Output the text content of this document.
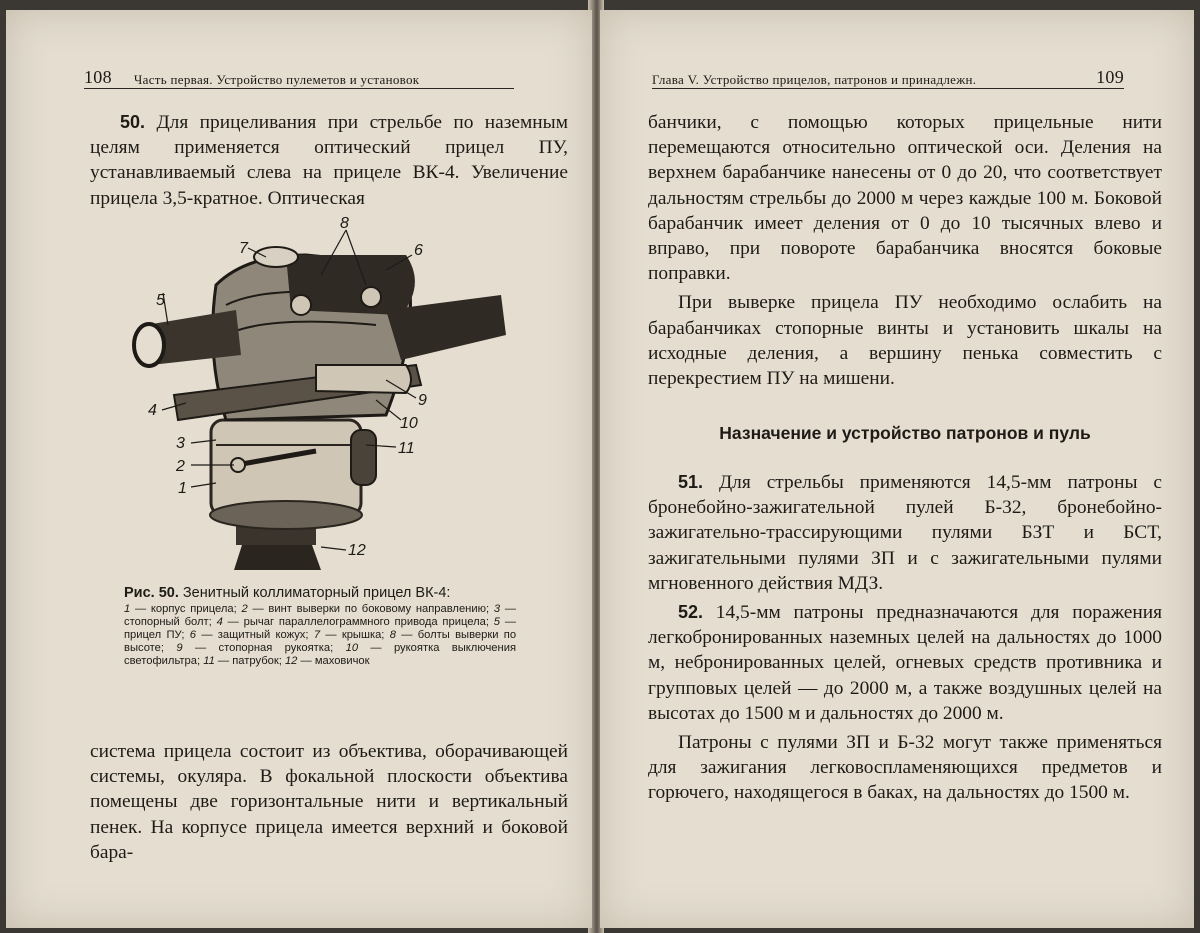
108 Часть первая. Устройство пулеметов и установок

50. Для прицеливания при стрельбе по наземным целям применяется оптический прицел ПУ, устанавливаемый слева на прицеле ВК-4. Увеличение прицела 3,5-кратное. Оптическая

8
7	6
5
4
9
10
11
3
2
1
12
Рис. 50. Зенитный коллиматорный прицел ВК-4:
1 — корпус прицела; 2 — винт выверки по боковому направлению; 3 — стопорный болт; 4 — рычаг параллелограммного привода прицела; 5 — прицел ПУ; 6 — защитный кожух; 7 — крышка; 8 — болты выверки по высоте; 9 — стопорная рукоятка; 10 — рукоятка выключения светофильтра; 11 — патрубок; 12 — маховичок

система прицела состоит из объектива, оборачивающей системы, окуляра. В фокальной плоскости объектива помещены две горизонтальные нити и вертикальный пенек. На корпусе прицела имеется верхний и боковой бара-

Глава V. Устройство прицелов, патронов и принадлежн.	109

банчики, с помощью которых прицельные нити перемещаются относительно оптической оси. Деления на верхнем барабанчике нанесены от 0 до 20, что соответствует дальностям стрельбы до 2000 м через каждые 100 м. Боковой барабанчик имеет деления от 0 до 10 тысячных влево и вправо, при повороте барабанчика вносятся боковые поправки.

При выверке прицела ПУ необходимо ослабить на барабанчиках стопорные винты и установить шкалы на исходные деления, а вершину пенька совместить с перекрестием ПУ на мишени.

Назначение и устройство патронов и пуль

51. Для стрельбы применяются 14,5-мм патроны с бронебойно-зажигательной пулей Б-32, бронебойно-зажигательно-трассирующими пулями БЗТ и БСТ, зажигательными пулями ЗП и с зажигательными пулями мгновенного действия МДЗ.

52. 14,5-мм патроны предназначаются для поражения легкобронированных наземных целей на дальностях до 1000 м, небронированных целей, огневых средств противника и групповых целей — до 2000 м, а также воздушных целей на высотах до 1500 м и дальностях до 2000 м.

Патроны с пулями ЗП и Б-32 могут также применяться для зажигания легковоспламеняющихся предметов и горючего, находящегося в баках, на дальностях до 1500 м.
